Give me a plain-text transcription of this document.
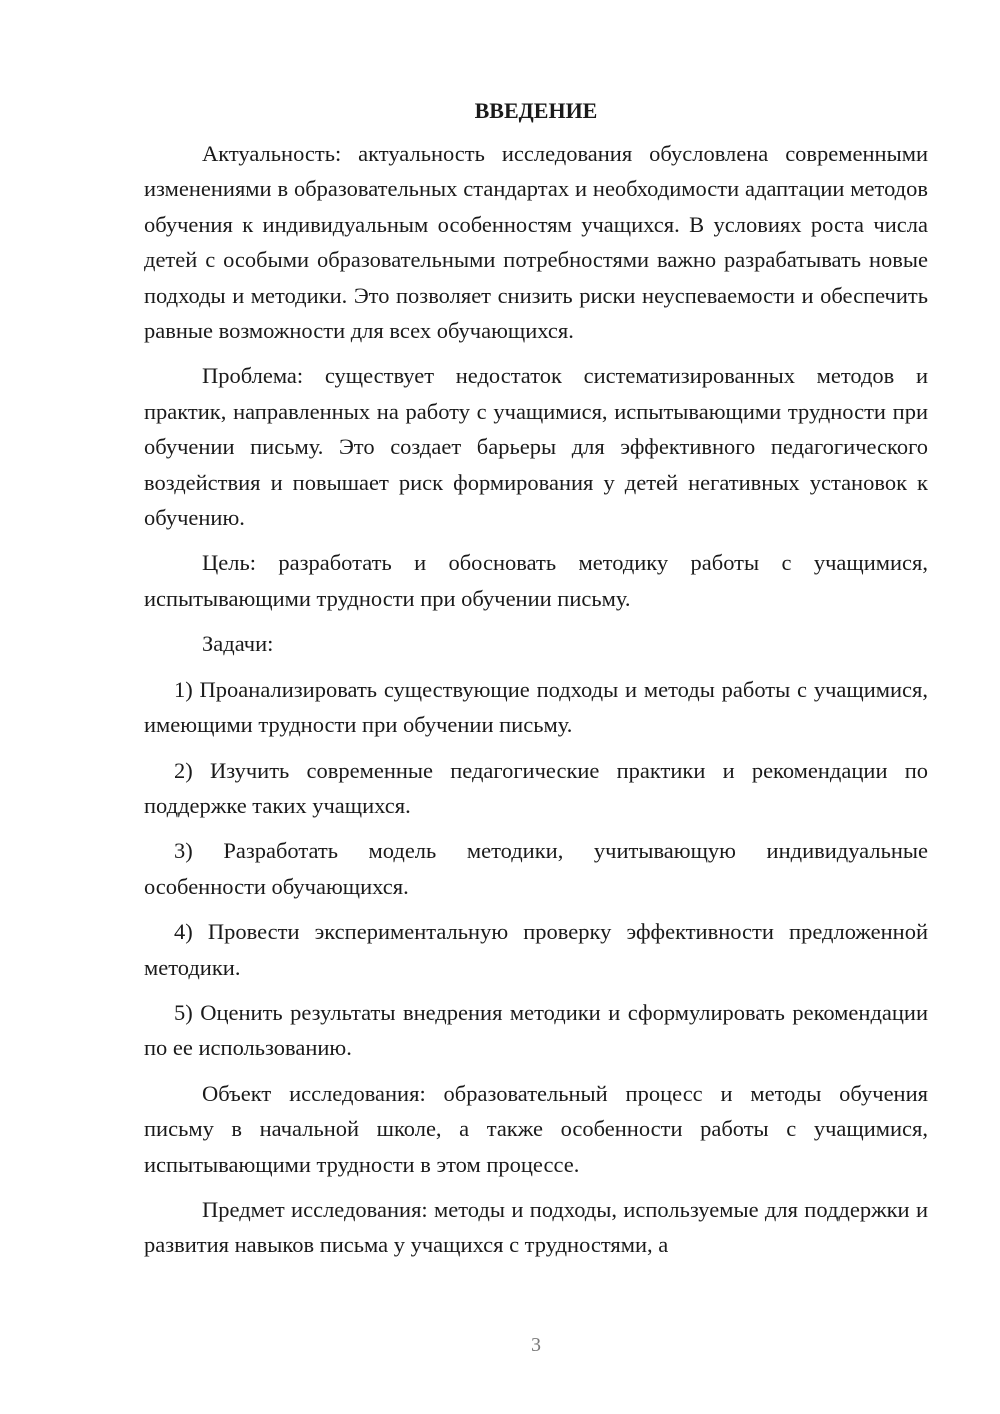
ВВЕДЕНИЕ

Актуальность: актуальность исследования обусловлена современными изменениями в образовательных стандартах и необходимости адаптации методов обучения к индивидуальным особенностям учащихся. В условиях роста числа детей с особыми образовательными потребностями важно разрабатывать новые подходы и методики. Это позволяет снизить риски неуспеваемости и обеспечить равные возможности для всех обучающихся.

Проблема: существует недостаток систематизированных методов и практик, направленных на работу с учащимися, испытывающими трудности при обучении письму. Это создает барьеры для эффективного педагогического воздействия и повышает риск формирования у детей негативных установок к обучению.

Цель: разработать и обосновать методику работы с учащимися, испытывающими трудности при обучении письму.

Задачи:

1) Проанализировать существующие подходы и методы работы с учащимися, имеющими трудности при обучении письму.

2) Изучить современные педагогические практики и рекомендации по поддержке таких учащихся.

3) Разработать модель методики, учитывающую индивидуальные особенности обучающихся.

4) Провести экспериментальную проверку эффективности предложенной методики.

5) Оценить результаты внедрения методики и сформулировать рекомендации по ее использованию.

Объект исследования: образовательный процесс и методы обучения письму в начальной школе, а также особенности работы с учащимися, испытывающими трудности в этом процессе.

Предмет исследования: методы и подходы, используемые для поддержки и развития навыков письма у учащихся с трудностями, а

3
